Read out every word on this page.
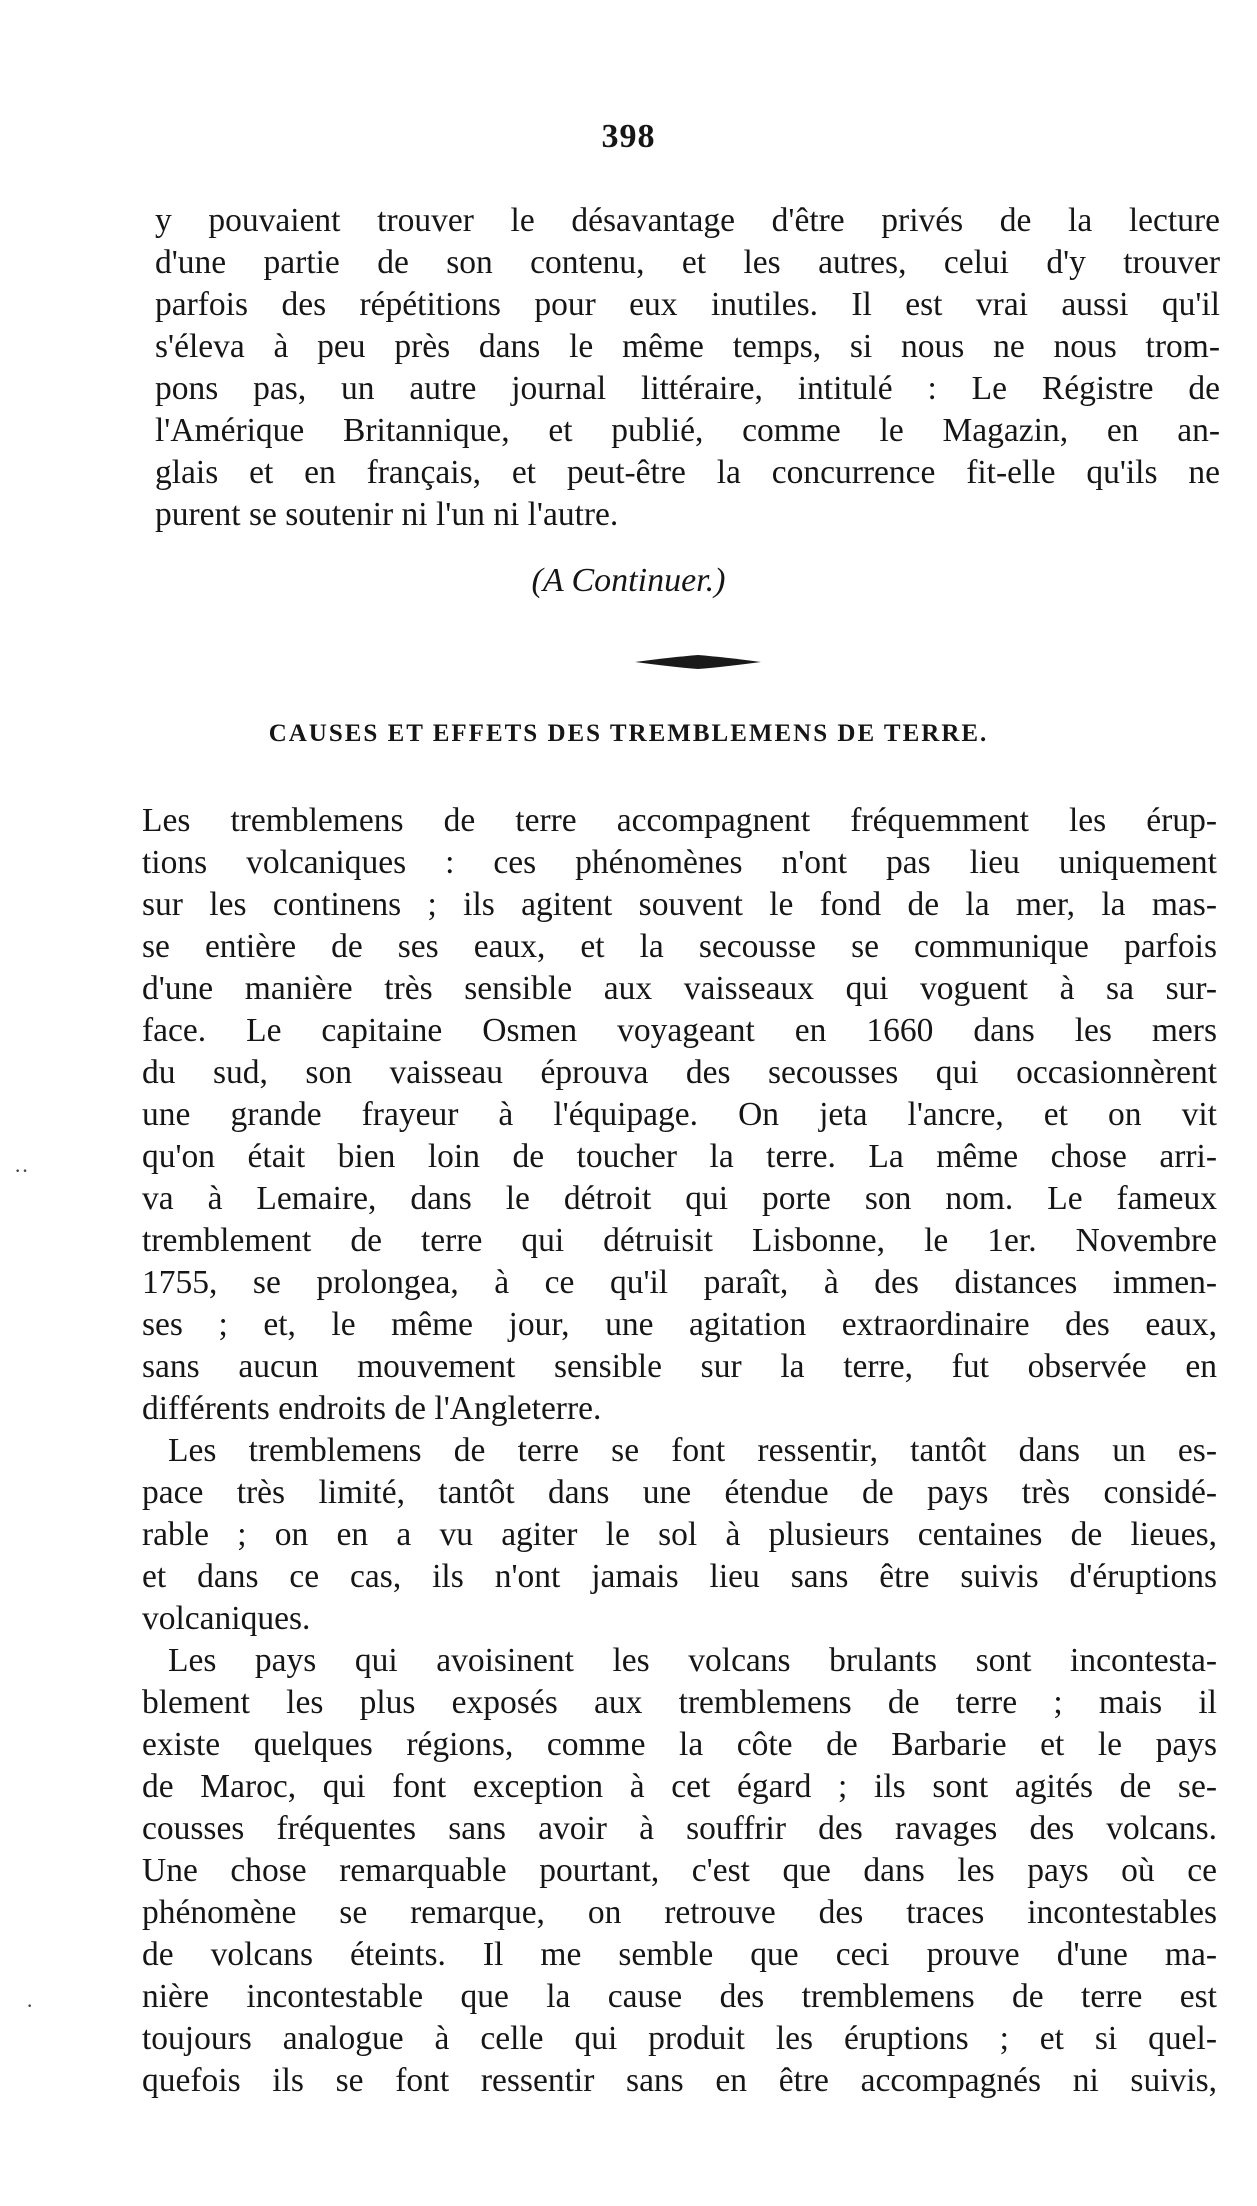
398
y pouvaient trouver le désavantage d'être privés de la lecture
d'une partie de son contenu, et les autres, celui d'y trouver
parfois des répétitions pour eux inutiles. Il est vrai aussi qu'il
s'éleva à peu près dans le même temps, si nous ne nous trom-
pons pas, un autre journal littéraire, intitulé : Le Régistre de
l'Amérique Britannique, et publié, comme le Magazin, en an-
glais et en français, et peut-être la concurrence fit-elle qu'ils ne
purent se soutenir ni l'un ni l'autre.
(A Continuer.)
CAUSES ET EFFETS DES TREMBLEMENS DE TERRE.
Les tremblemens de terre accompagnent fréquemment les érup-
tions volcaniques : ces phénomènes n'ont pas lieu uniquement
sur les continens ; ils agitent souvent le fond de la mer, la mas-
se entière de ses eaux, et la secousse se communique parfois
d'une manière très sensible aux vaisseaux qui voguent à sa sur-
face. Le capitaine Osmen voyageant en 1660 dans les mers
du sud, son vaisseau éprouva des secousses qui occasionnèrent
une grande frayeur à l'équipage. On jeta l'ancre, et on vit
qu'on était bien loin de toucher la terre. La même chose arri-
va à Lemaire, dans le détroit qui porte son nom. Le fameux
tremblement de terre qui détruisit Lisbonne, le 1er. Novembre
1755, se prolongea, à ce qu'il paraît, à des distances immen-
ses ; et, le même jour, une agitation extraordinaire des eaux,
sans aucun mouvement sensible sur la terre, fut observée en
différents endroits de l'Angleterre.
Les tremblemens de terre se font ressentir, tantôt dans un es-
pace très limité, tantôt dans une étendue de pays très considé-
rable ; on en a vu agiter le sol à plusieurs centaines de lieues,
et dans ce cas, ils n'ont jamais lieu sans être suivis d'éruptions
volcaniques.
Les pays qui avoisinent les volcans brulants sont incontesta-
blement les plus exposés aux tremblemens de terre ; mais il
existe quelques régions, comme la côte de Barbarie et le pays
de Maroc, qui font exception à cet égard ; ils sont agités de se-
cousses fréquentes sans avoir à souffrir des ravages des volcans.
Une chose remarquable pourtant, c'est que dans les pays où ce
phénomène se remarque, on retrouve des traces incontestables
de volcans éteints. Il me semble que ceci prouve d'une ma-
nière incontestable que la cause des tremblemens de terre est
toujours analogue à celle qui produit les éruptions ; et si quel-
quefois ils se font ressentir sans en être accompagnés ni suivis,
··
·
